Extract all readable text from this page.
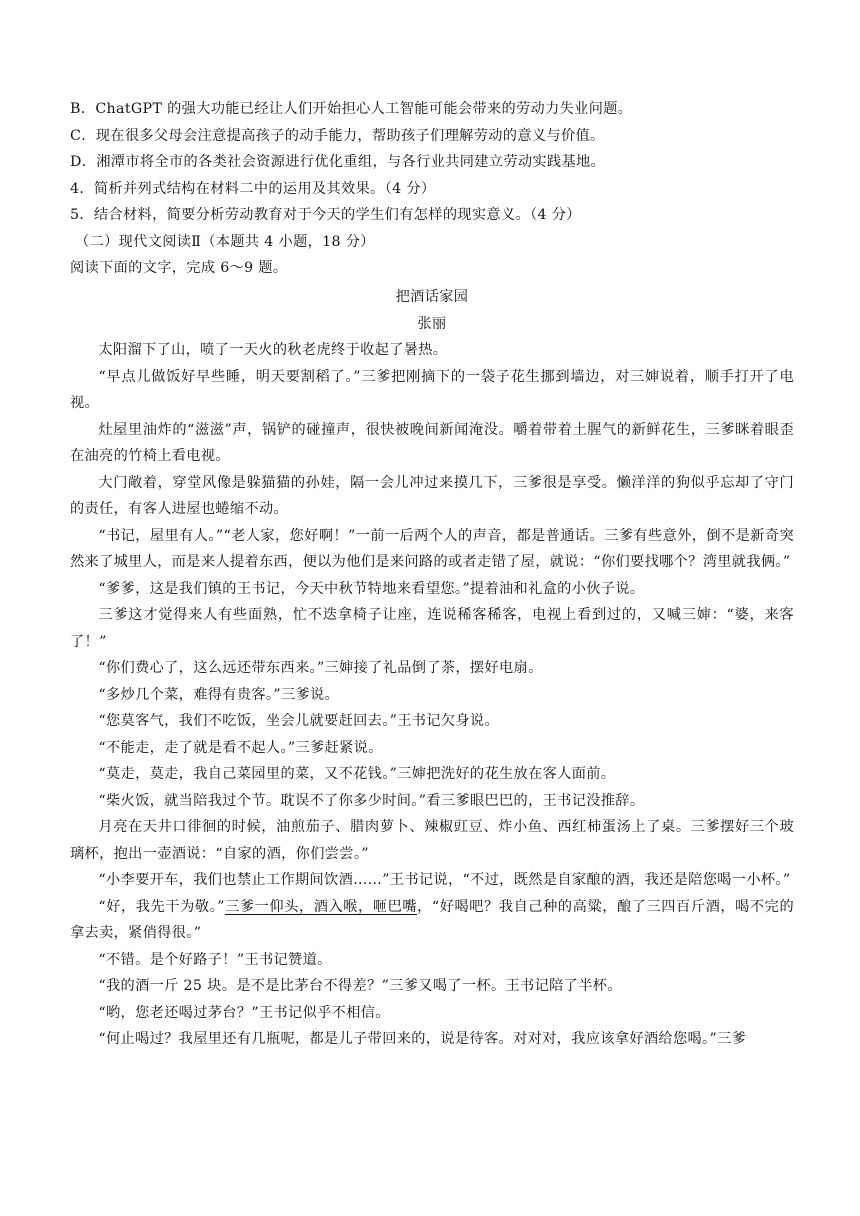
B．ChatGPT 的强大功能已经让人们开始担心人工智能可能会带来的劳动力失业问题。

C．现在很多父母会注意提高孩子的动手能力，帮助孩子们理解劳动的意义与价值。

D．湘潭市将全市的各类社会资源进行优化重组，与各行业共同建立劳动实践基地。

4．简析并列式结构在材料二中的运用及其效果。（4 分）

5．结合材料，简要分析劳动教育对于今天的学生们有怎样的现实意义。（4 分）

（二）现代文阅读Ⅱ（本题共 4 小题，18 分）

阅读下面的文字，完成 6～9 题。

把酒话家园

张丽

太阳溜下了山，喷了一天火的秋老虎终于收起了暑热。

“早点儿做饭好早些睡，明天要割稻了。”三爹把刚摘下的一袋子花生挪到墙边，对三婶说着，顺手打开了电视。

灶屋里油炸的“滋滋”声，锅铲的碰撞声，很快被晚间新闻淹没。嚼着带着土腥气的新鲜花生，三爹眯着眼歪在油亮的竹椅上看电视。

大门敞着，穿堂风像是躲猫猫的孙娃，隔一会儿冲过来摸几下，三爹很是享受。懒洋洋的狗似乎忘却了守门的责任，有客人进屋也蜷缩不动。

“书记，屋里有人。”“老人家，您好啊！”一前一后两个人的声音，都是普通话。三爹有些意外，倒不是新奇突然来了城里人，而是来人提着东西，便以为他们是来问路的或者走错了屋，就说：“你们要找哪个？湾里就我俩。”

“爹爹，这是我们镇的王书记，今天中秋节特地来看望您。”提着油和礼盒的小伙子说。

三爹这才觉得来人有些面熟，忙不迭拿椅子让座，连说稀客稀客，电视上看到过的，又喊三婶：“婆，来客了！”

“你们费心了，这么远还带东西来。”三婶接了礼品倒了茶，摆好电扇。

“多炒几个菜，难得有贵客。”三爹说。

“您莫客气，我们不吃饭，坐会儿就要赶回去。”王书记欠身说。

“不能走，走了就是看不起人。”三爹赶紧说。

“莫走，莫走，我自己菜园里的菜，又不花钱。”三婶把洗好的花生放在客人面前。

“柴火饭，就当陪我过个节。耽误不了你多少时间。”看三爹眼巴巴的，王书记没推辞。

月亮在天井口徘徊的时候，油煎茄子、腊肉萝卜、辣椒豇豆、炸小鱼、西红柿蛋汤上了桌。三爹摆好三个玻璃杯，抱出一壶酒说：“自家的酒，你们尝尝。”

“小李要开车，我们也禁止工作期间饮酒……”王书记说，“不过，既然是自家酿的酒，我还是陪您喝一小杯。”

“好，我先干为敬。”三爹一仰头，酒入喉，咂巴嘴，“好喝吧？我自己种的高粱，酿了三四百斤酒，喝不完的拿去卖，紧俏得很。”

“不错。是个好路子！”王书记赞道。

“我的酒一斤 25 块。是不是比茅台不得差？”三爹又喝了一杯。王书记陪了半杯。

“哟，您老还喝过茅台？”王书记似乎不相信。

“何止喝过？我屋里还有几瓶呢，都是儿子带回来的，说是待客。对对对，我应该拿好酒给您喝。”三爹
